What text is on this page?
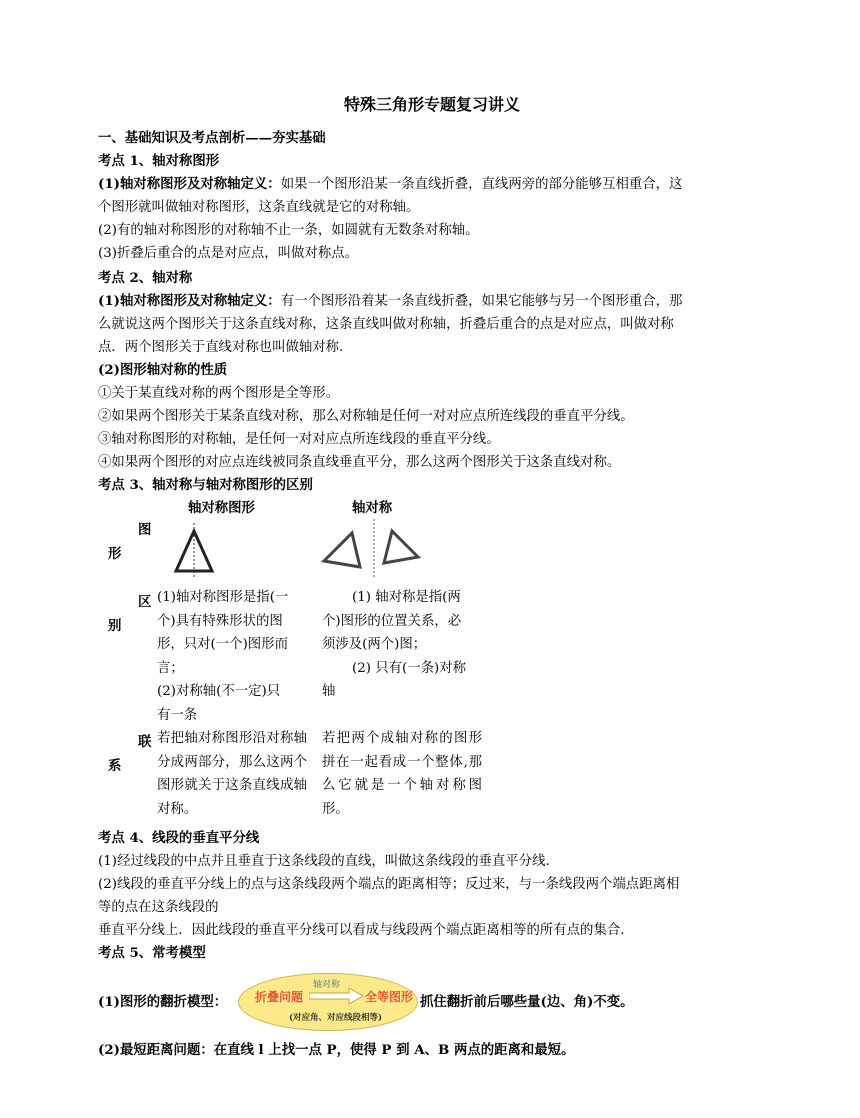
特殊三角形专题复习讲义
一、基础知识及考点剖析——夯实基础
考点 1、轴对称图形
(1)轴对称图形及对称轴定义：如果一个图形沿某一条直线折叠，直线两旁的部分能够互相重合，这
个图形就叫做轴对称图形，这条直线就是它的对称轴。
(2)有的轴对称图形的对称轴不止一条，如圆就有无数条对称轴。
(3)折叠后重合的点是对应点，叫做对称点。
考点 2、轴对称
(1)轴对称图形及对称轴定义：有一个图形沿着某一条直线折叠，如果它能够与另一个图形重合，那
么就说这两个图形关于这条直线对称，这条直线叫做对称轴，折叠后重合的点是对应点，叫做对称
点．两个图形关于直线对称也叫做轴对称.
(2)图形轴对称的性质
①关于某直线对称的两个图形是全等形。
②如果两个图形关于某条直线对称，那么对称轴是任何一对对应点所连线段的垂直平分线。
③轴对称图形的对称轴，是任何一对对应点所连线段的垂直平分线。
④如果两个图形的对应点连线被同条直线垂直平分，那么这两个图形关于这条直线对称。
考点 3、轴对称与轴对称图形的区别
轴对称图形	轴对称
图
形
区
别
(1)轴对称图形是指(一
个)具有特殊形状的图
形，只对(一个)图形而
言；
(2)对称轴(不一定)只
有一条
(1) 轴对称是指(两
个)图形的位置关系，必
须涉及(两个)图；
(2) 只有(一条)对称
轴
联
系
若把轴对称图形沿对称轴分成两部分，那么这两个图形就关于这条直线成轴对称。
若把两个成轴对称的图形拼在一起看成一个整体,那么它就是一个轴对称图形。
考点 4、线段的垂直平分线
(1)经过线段的中点并且垂直于这条线段的直线，叫做这条线段的垂直平分线.
(2)线段的垂直平分线上的点与这条线段两个端点的距离相等；反过来，与一条线段两个端点距离相
等的点在这条线段的
垂直平分线上．因此线段的垂直平分线可以看成与线段两个端点距离相等的所有点的集合.
考点 5、常考模型
(1)图形的翻折模型： 折叠问题
轴对称
全等图形
(对应角、对应线段相等)
抓住翻折前后哪些量(边、角)不变。
(2)最短距离问题：在直线 l 上找一点 P，使得 P 到 A、B 两点的距离和最短。
